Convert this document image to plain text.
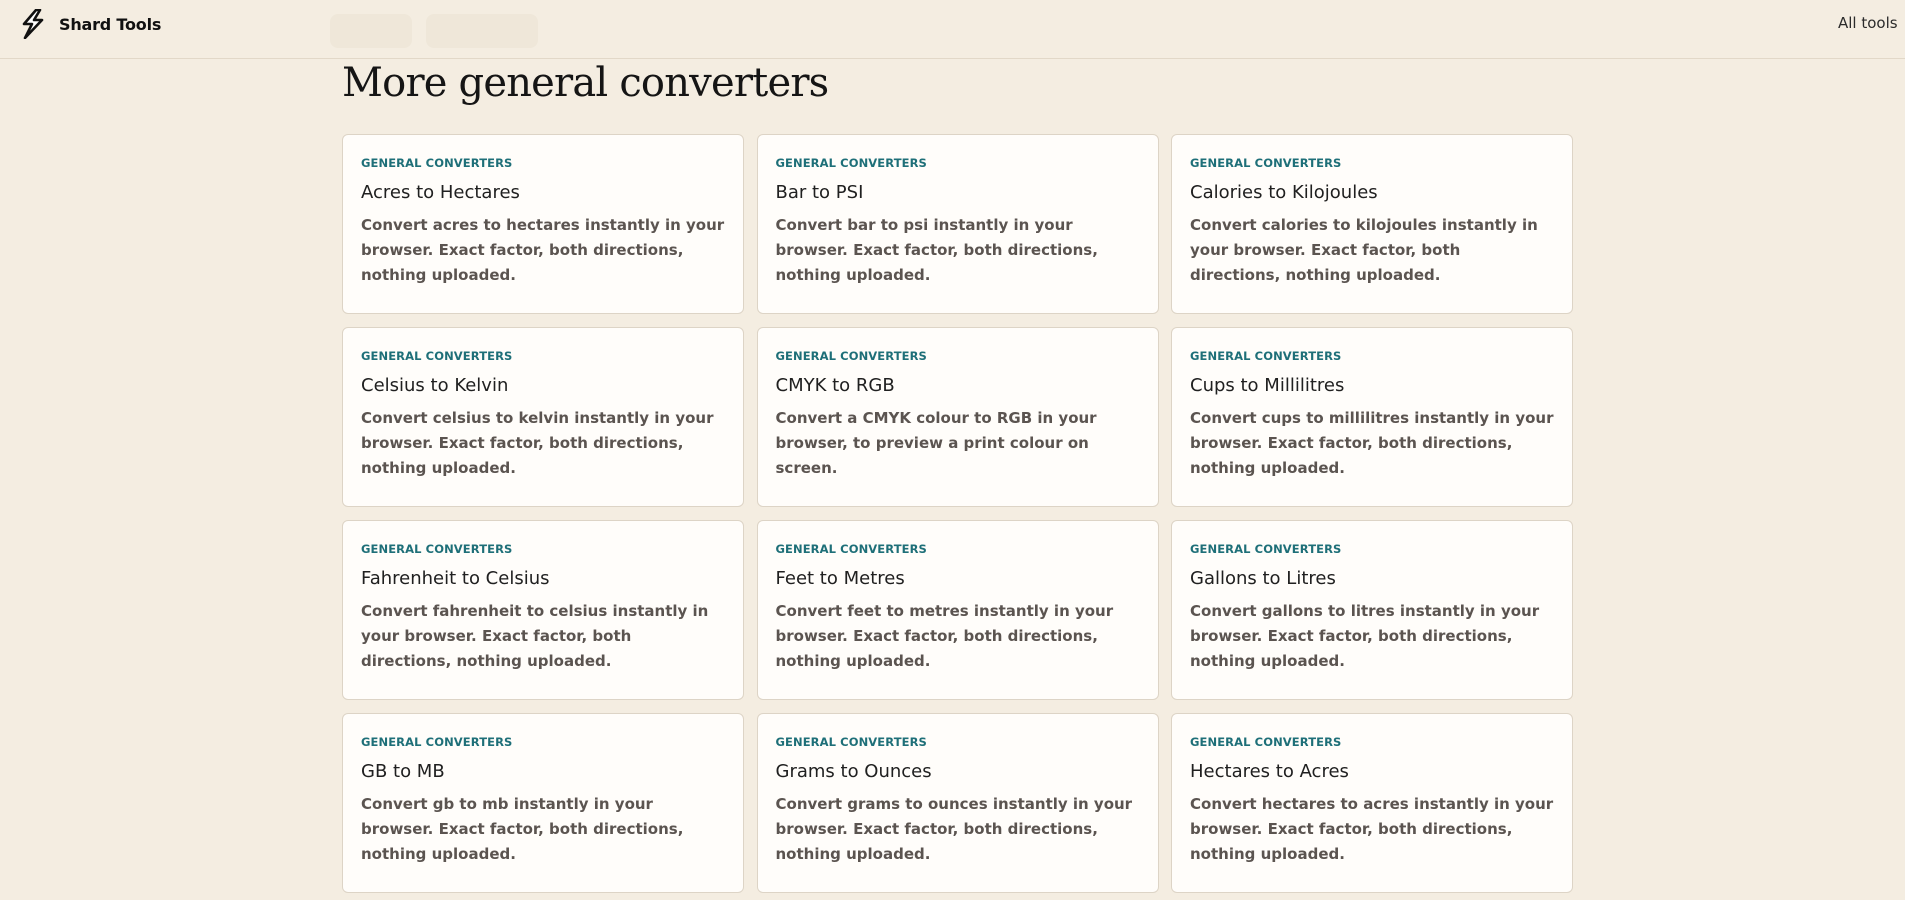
Shard Tools	All tools
More general converters
GENERAL CONVERTERS
Acres to Hectares
Convert acres to hectares instantly in your browser. Exact factor, both directions, nothing uploaded.
GENERAL CONVERTERS
Bar to PSI
Convert bar to psi instantly in your browser. Exact factor, both directions, nothing uploaded.
GENERAL CONVERTERS
Calories to Kilojoules
Convert calories to kilojoules instantly in your browser. Exact factor, both directions, nothing uploaded.
GENERAL CONVERTERS
Celsius to Kelvin
Convert celsius to kelvin instantly in your browser. Exact factor, both directions, nothing uploaded.
GENERAL CONVERTERS
CMYK to RGB
Convert a CMYK colour to RGB in your browser, to preview a print colour on screen.
GENERAL CONVERTERS
Cups to Millilitres
Convert cups to millilitres instantly in your browser. Exact factor, both directions, nothing uploaded.
GENERAL CONVERTERS
Fahrenheit to Celsius
Convert fahrenheit to celsius instantly in your browser. Exact factor, both directions, nothing uploaded.
GENERAL CONVERTERS
Feet to Metres
Convert feet to metres instantly in your browser. Exact factor, both directions, nothing uploaded.
GENERAL CONVERTERS
Gallons to Litres
Convert gallons to litres instantly in your browser. Exact factor, both directions, nothing uploaded.
GENERAL CONVERTERS
GB to MB
Convert gb to mb instantly in your browser. Exact factor, both directions, nothing uploaded.
GENERAL CONVERTERS
Grams to Ounces
Convert grams to ounces instantly in your browser. Exact factor, both directions, nothing uploaded.
GENERAL CONVERTERS
Hectares to Acres
Convert hectares to acres instantly in your browser. Exact factor, both directions, nothing uploaded.
